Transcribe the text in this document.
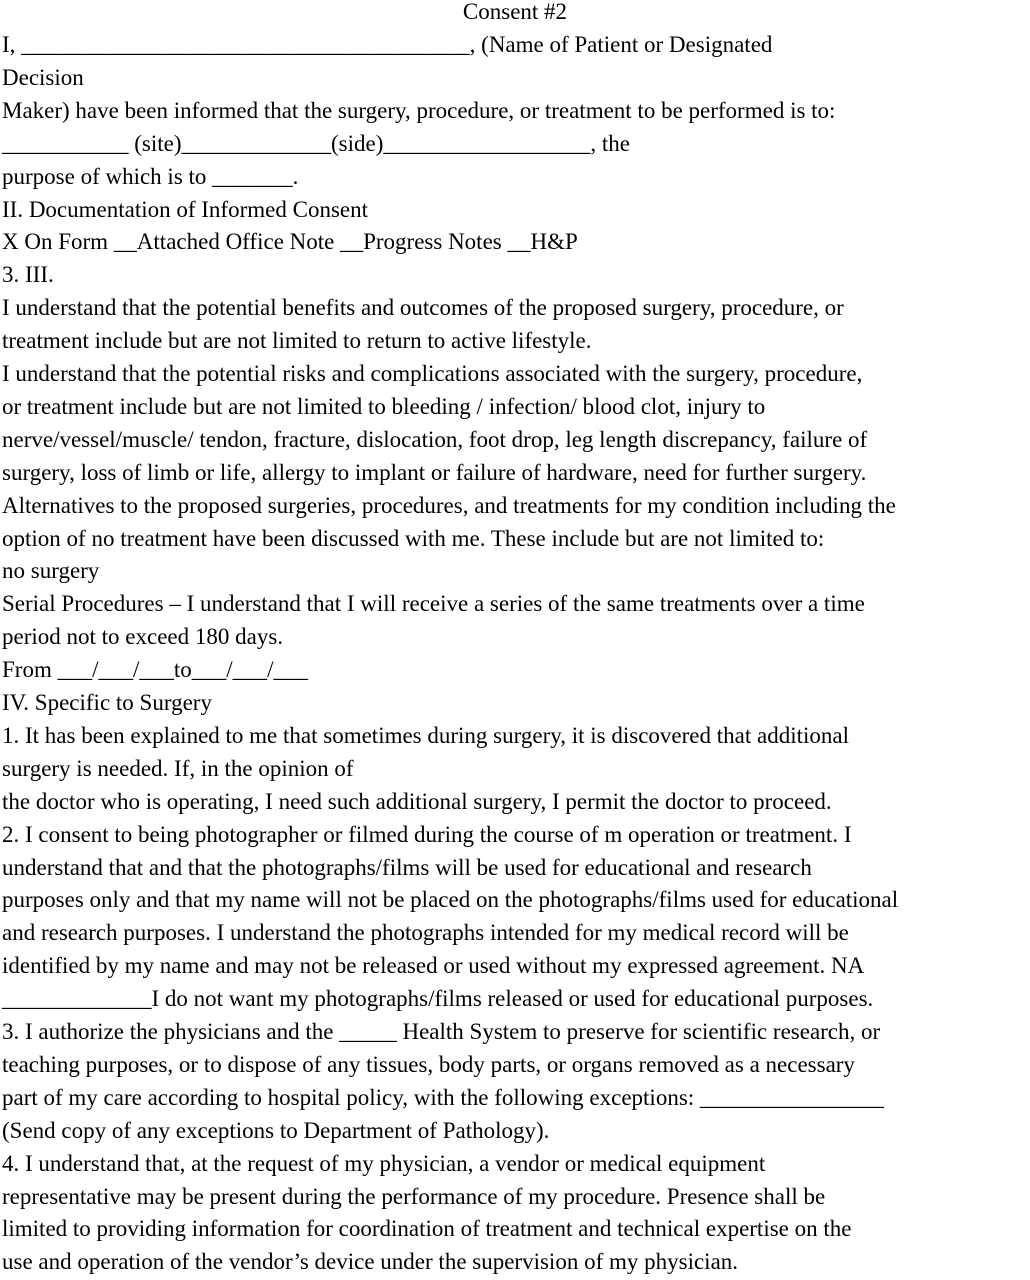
Consent #2
I, _______________________________________, (Name of Patient or Designated
Decision
Maker) have been informed that the surgery, procedure, or treatment to be performed is to:
___________ (site)_____________(side)__________________, the
purpose of which is to _______.
II. Documentation of Informed Consent
X On Form __Attached Office Note __Progress Notes __H&P
3. III.
I understand that the potential benefits and outcomes of the proposed surgery, procedure, or
treatment include but are not limited to return to active lifestyle.
I understand that the potential risks and complications associated with the surgery, procedure,
or treatment include but are not limited to bleeding / infection/ blood clot, injury to
nerve/vessel/muscle/ tendon, fracture, dislocation, foot drop, leg length discrepancy, failure of
surgery, loss of limb or life, allergy to implant or failure of hardware, need for further surgery.
Alternatives to the proposed surgeries, procedures, and treatments for my condition including the
option of no treatment have been discussed with me. These include but are not limited to:
no surgery
Serial Procedures – I understand that I will receive a series of the same treatments over a time
period not to exceed 180 days.
From ___/___/___to___/___/___
IV. Specific to Surgery
1. It has been explained to me that sometimes during surgery, it is discovered that additional
surgery is needed. If, in the opinion of
the doctor who is operating, I need such additional surgery, I permit the doctor to proceed.
2. I consent to being photographer or filmed during the course of m operation or treatment. I
understand that and that the photographs/films will be used for educational and research
purposes only and that my name will not be placed on the photographs/films used for educational
and research purposes. I understand the photographs intended for my medical record will be
identified by my name and may not be released or used without my expressed agreement. NA
_____________I do not want my photographs/films released or used for educational purposes.
3. I authorize the physicians and the _____ Health System to preserve for scientific research, or
teaching purposes, or to dispose of any tissues, body parts, or organs removed as a necessary
part of my care according to hospital policy, with the following exceptions: ________________
(Send copy of any exceptions to Department of Pathology).
4. I understand that, at the request of my physician, a vendor or medical equipment
representative may be present during the performance of my procedure. Presence shall be
limited to providing information for coordination of treatment and technical expertise on the
use and operation of the vendor’s device under the supervision of my physician.
